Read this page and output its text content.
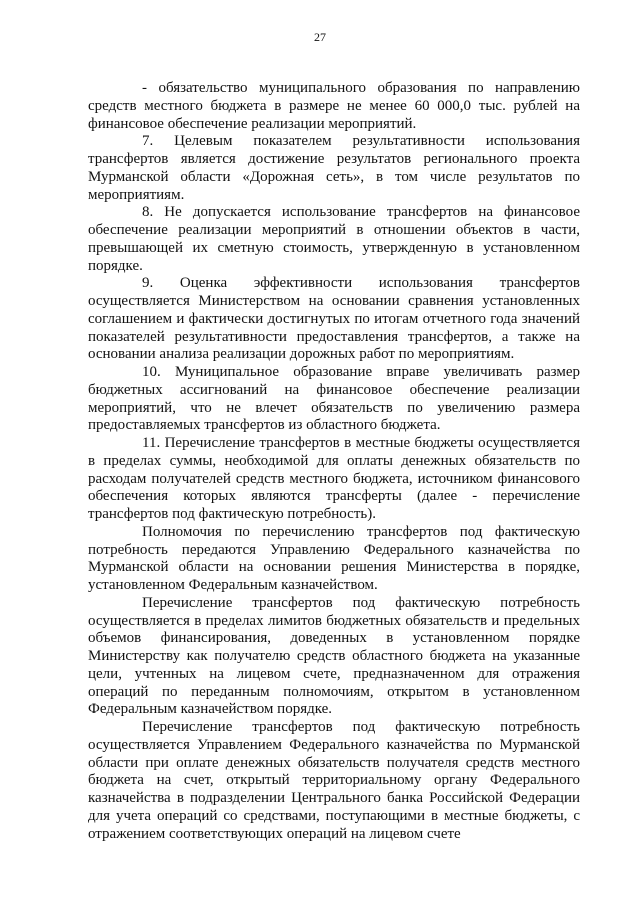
27

- обязательство муниципального образования по направлению средств местного бюджета в размере не менее 60 000,0 тыс. рублей на финансовое обеспечение реализации мероприятий.

7. Целевым показателем результативности использования трансфертов является достижение результатов регионального проекта Мурманской области «Дорожная сеть», в том числе результатов по мероприятиям.

8. Не допускается использование трансфертов на финансовое обеспечение реализации мероприятий в отношении объектов в части, превышающей их сметную стоимость, утвержденную в установленном порядке.

9. Оценка эффективности использования трансфертов осуществляется Министерством на основании сравнения установленных соглашением и фактически достигнутых по итогам отчетного года значений показателей результативности предоставления трансфертов, а также на основании анализа реализации дорожных работ по мероприятиям.

10. Муниципальное образование вправе увеличивать размер бюджетных ассигнований на финансовое обеспечение реализации мероприятий, что не влечет обязательств по увеличению размера предоставляемых трансфертов из областного бюджета.

11. Перечисление трансфертов в местные бюджеты осуществляется в пределах суммы, необходимой для оплаты денежных обязательств по расходам получателей средств местного бюджета, источником финансового обеспечения которых являются трансферты (далее - перечисление трансфертов под фактическую потребность).

Полномочия по перечислению трансфертов под фактическую потребность передаются Управлению Федерального казначейства по Мурманской области на основании решения Министерства в порядке, установленном Федеральным казначейством.

Перечисление трансфертов под фактическую потребность осуществляется в пределах лимитов бюджетных обязательств и предельных объемов финансирования, доведенных в установленном порядке Министерству как получателю средств областного бюджета на указанные цели, учтенных на лицевом счете, предназначенном для отражения операций по переданным полномочиям, открытом в установленном Федеральным казначейством порядке.

Перечисление трансфертов под фактическую потребность осуществляется Управлением Федерального казначейства по Мурманской области при оплате денежных обязательств получателя средств местного бюджета на счет, открытый территориальному органу Федерального казначейства в подразделении Центрального банка Российской Федерации для учета операций со средствами, поступающими в местные бюджеты, с отражением соответствующих операций на лицевом счете
